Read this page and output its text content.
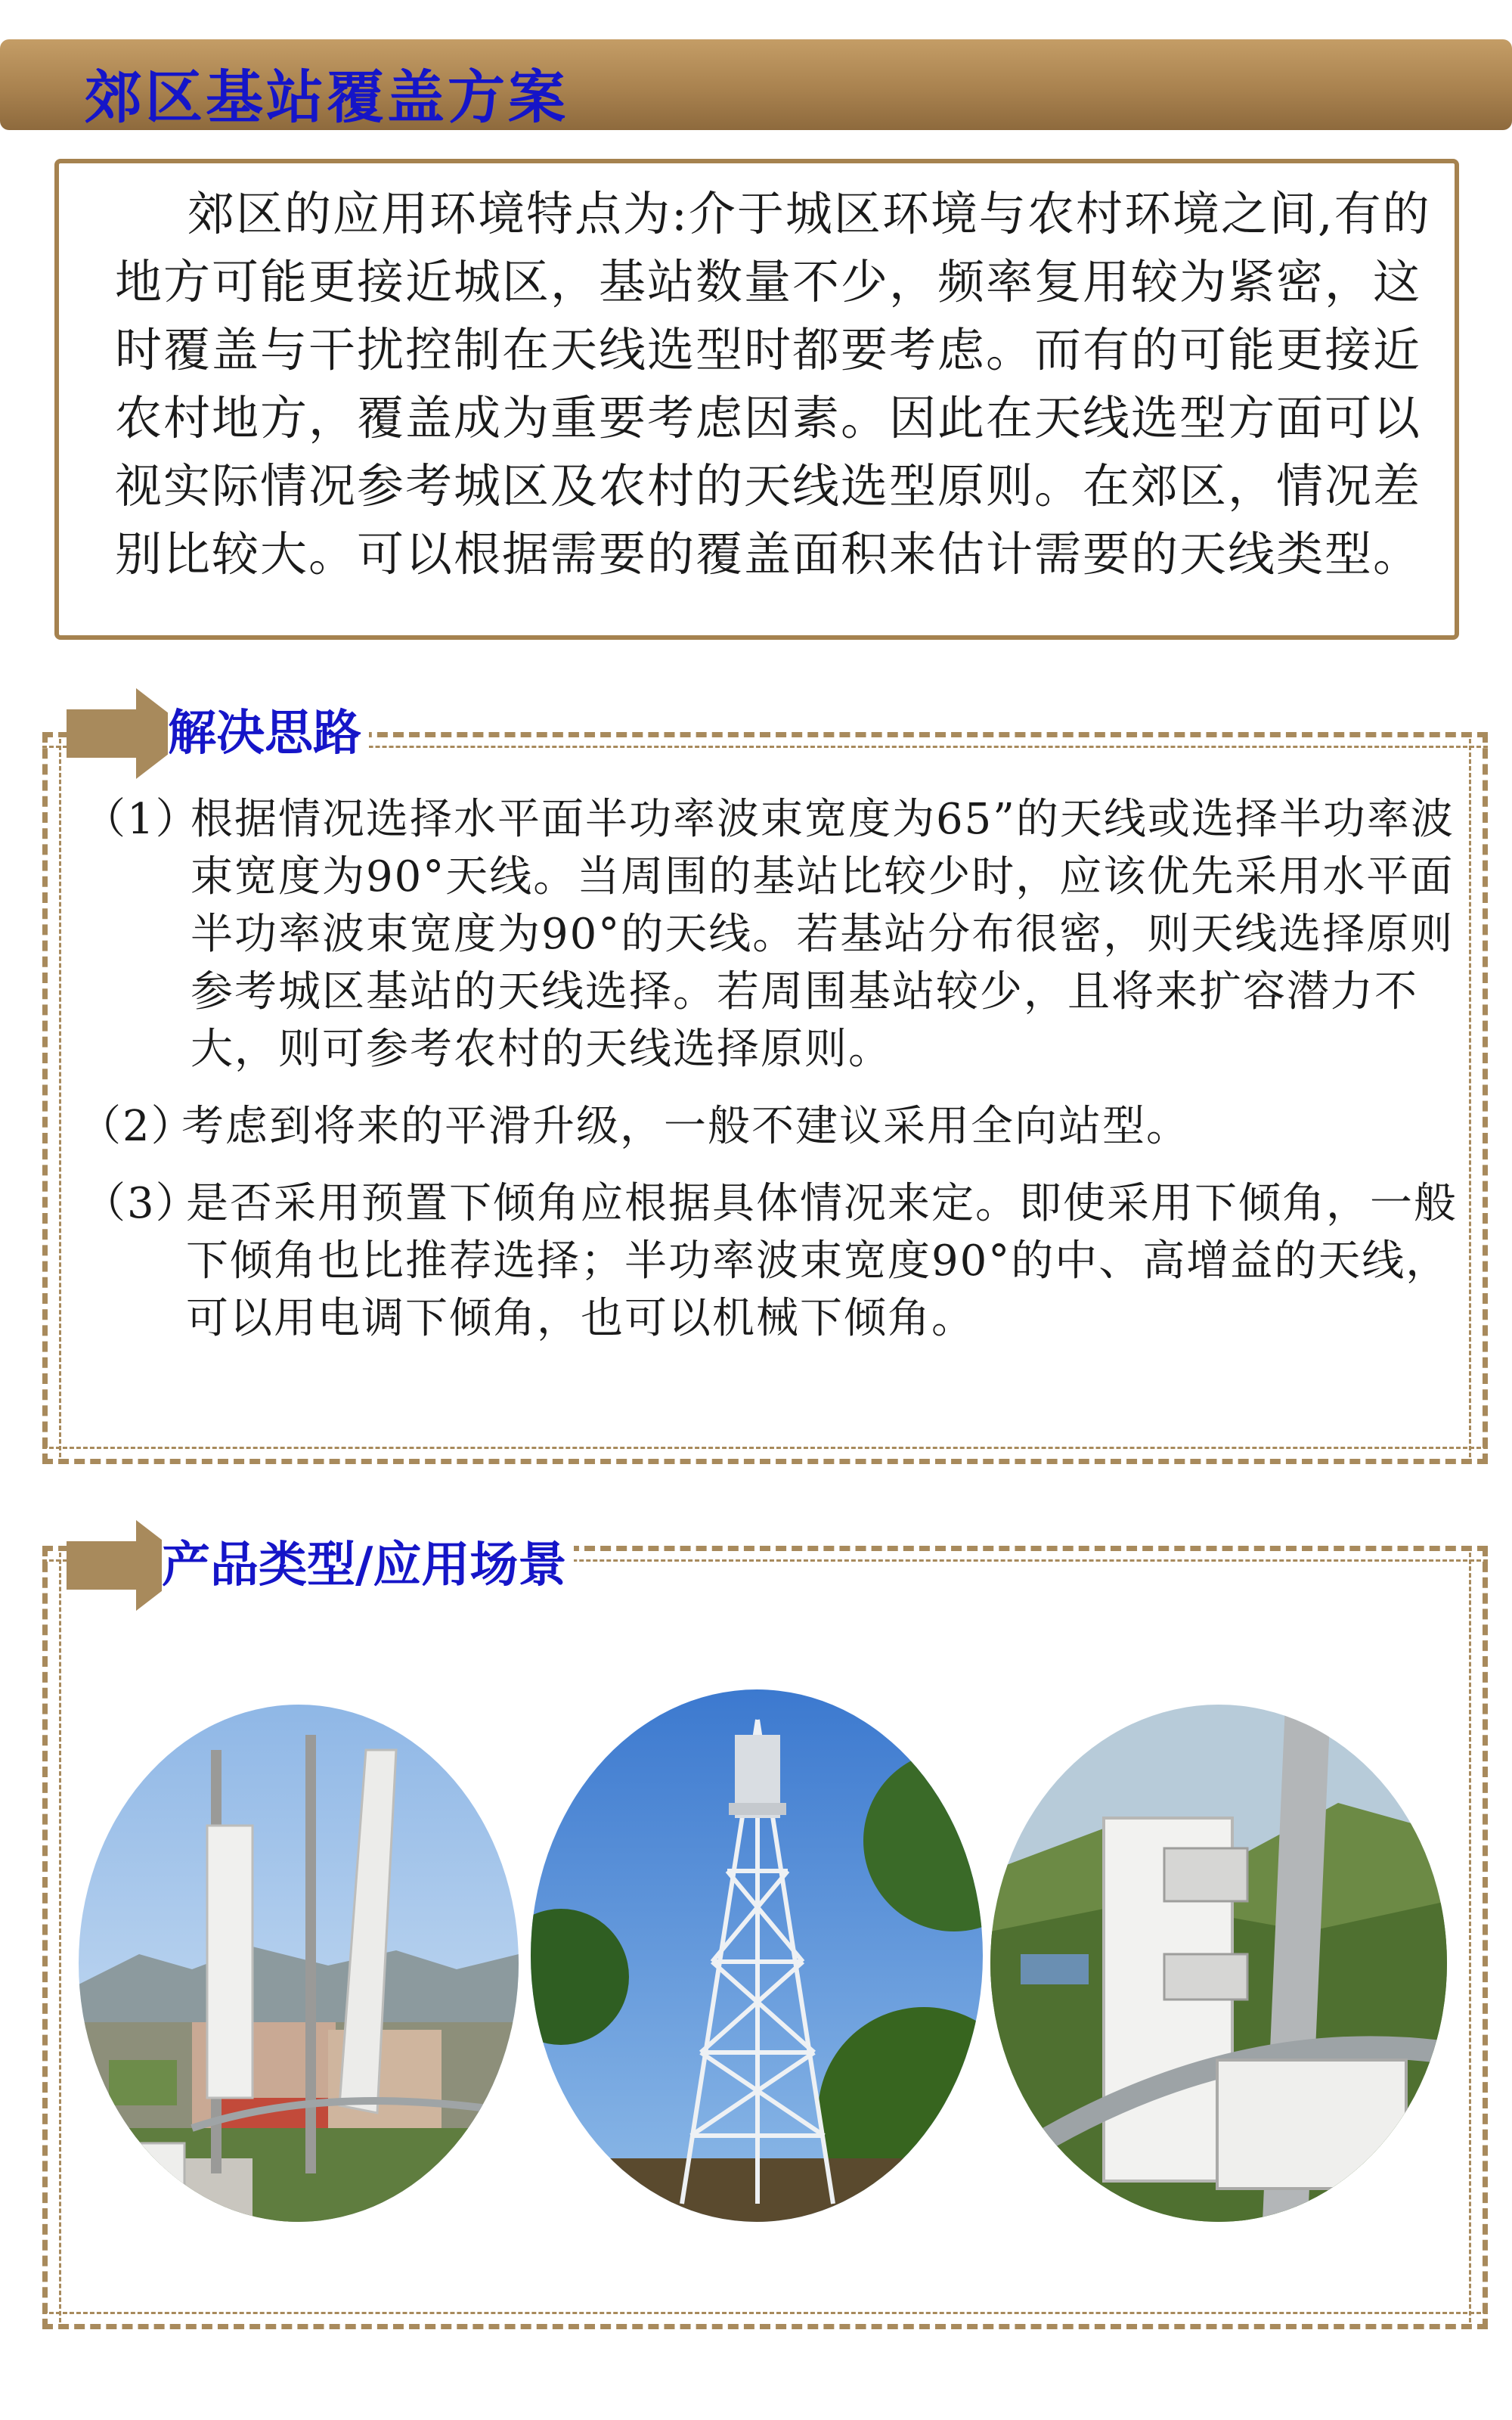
郊区基站覆盖方案

郊区的应用环境特点为:介于城区环境与农村环境之间,有的地方可能更接近城区，基站数量不少，频率复用较为紧密，这时覆盖与干扰控制在天线选型时都要考虑。而有的可能更接近农村地方，覆盖成为重要考虑因素。因此在天线选型方面可以视实际情况参考城区及农村的天线选型原则。在郊区，情况差别比较大。可以根据需要的覆盖面积来估计需要的天线类型。

解决思路
（1）

根据情况选择水平面半功率波束宽度为65”的天线或选择半功率波束宽度为90°天线。当周围的基站比较少时，应该优先采用水平面半功率波束宽度为90°的天线。若基站分布很密，则天线选择原则参考城区基站的天线选择。若周围基站较少，且将来扩容潜力不大，则可参考农村的天线选择原则。

（2）

考虑到将来的平滑升级，一般不建议采用全向站型。

（3）

是否采用预置下倾角应根据具体情况来定。即使采用下倾角，一般下倾角也比推荐选择；半功率波束宽度90°的中、高增益的天线，可以用电调下倾角，也可以机械下倾角。

产品类型/应用场景
